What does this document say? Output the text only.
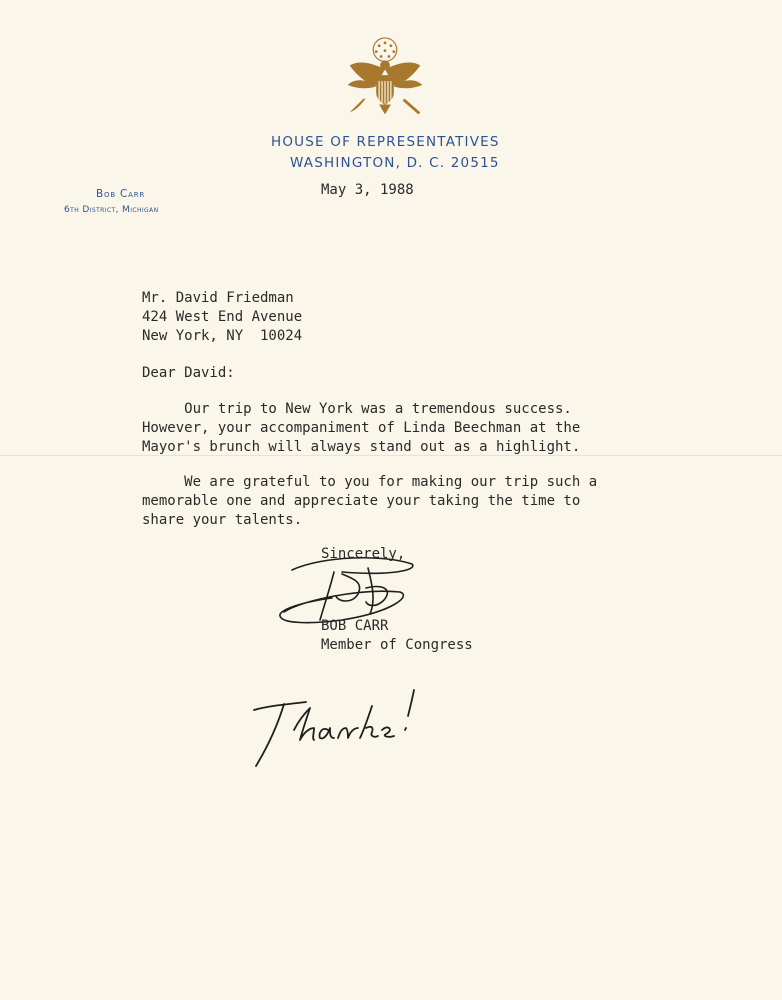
HOUSE OF REPRESENTATIVES
WASHINGTON, D. C. 20515
Bob Carr
6th District, Michigan
May 3, 1988
Mr. David Friedman
424 West End Avenue
New York, NY  10024
Dear David:
Our trip to New York was a tremendous success.
However, your accompaniment of Linda Beechman at the
Mayor's brunch will always stand out as a highlight.
We are grateful to you for making our trip such a
memorable one and appreciate your taking the time to
share your talents.
Sincerely,
BOB CARR
Member of Congress
